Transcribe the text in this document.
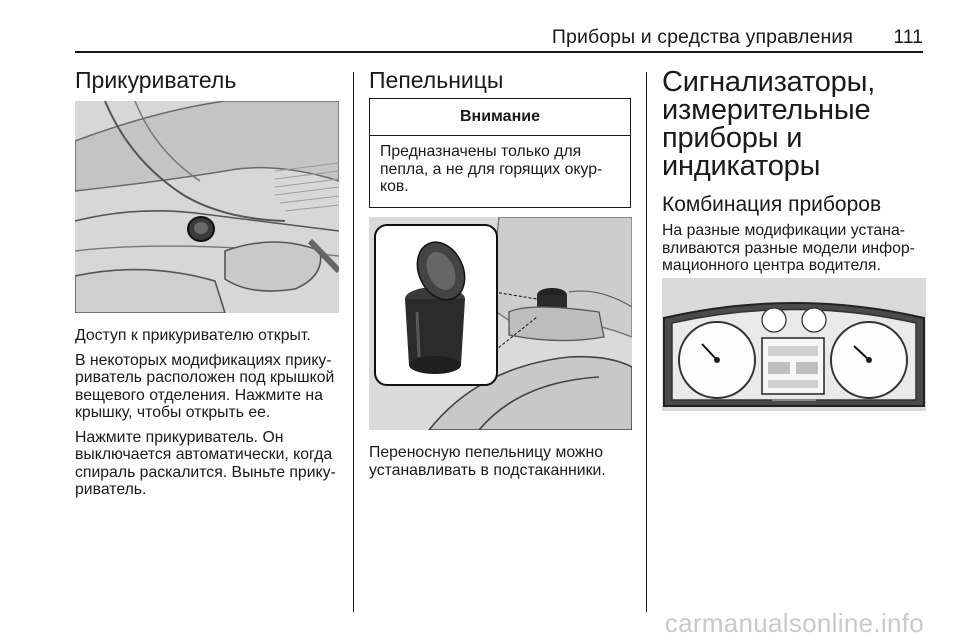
Приборы и средства управления 111
Прикуриватель

Доступ к прикуривателю открыт.

В некоторых модификациях прику-
риватель расположен под крышкой
вещевого отделения. Нажмите на
крышку, чтобы открыть ее.

Нажмите прикуриватель. Он
выключается автоматически, когда
спираль раскалится. Выньте прику-
риватель.

Пепельницы
Внимание
Предназначены только для
пепла, а не для горящих окур-
ков.

Переносную пепельницу можно
устанавливать в подстаканники.

Сигнализаторы,
измерительные
приборы и
индикаторы
Комбинация приборов

На разные модификации устана-
вливаются разные модели инфор-
мационного центра водителя.

carmanualsonline.info
